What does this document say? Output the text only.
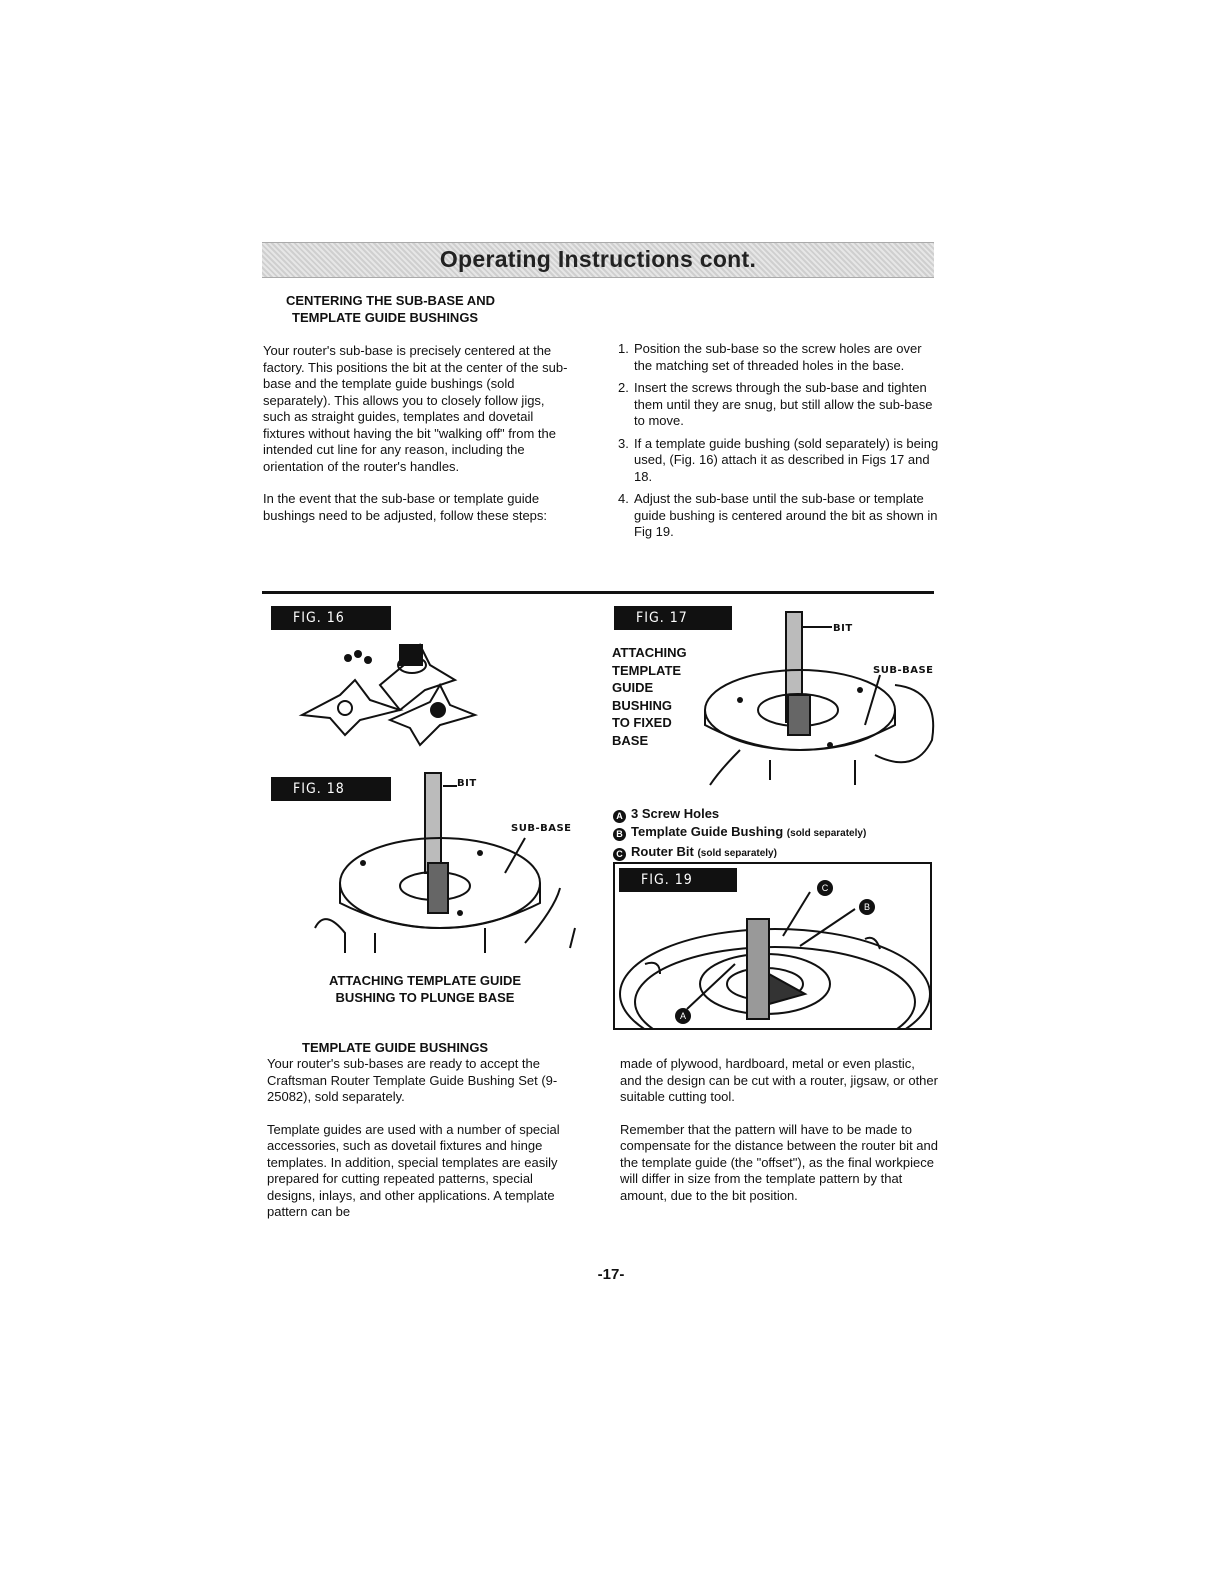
Operating Instructions cont.
CENTERING THE SUB-BASE AND
TEMPLATE GUIDE BUSHINGS

Your router's sub-base is precisely centered at the factory. This positions the bit at the center of the sub-base and the template guide bushings (sold separately). This allows you to closely follow jigs, such as straight guides, templates and dovetail fixtures without having the bit "walking off" from the intended cut line for any reason, including the orientation of the router's handles.

In the event that the sub-base or template guide bushings need to be adjusted, follow these steps:

1. Position the sub-base so the screw holes are over the matching set of threaded holes in the base.
2. Insert the screws through the sub-base and tighten them until they are snug, but still allow the sub-base to move.
3. If a template guide bushing (sold separately) is being used, (Fig. 16) attach it as described in Figs 17 and 18.
4. Adjust the sub-base until the sub-base or template guide bushing is centered around the bit as shown in Fig 19.
FIG. 16
FIG. 18	BIT
SUB-BASE
ATTACHING TEMPLATE GUIDE
BUSHING TO PLUNGE BASE
FIG. 17
ATTACHING
TEMPLATE
GUIDE
BUSHING
TO FIXED
BASE
BIT
SUB-BASE
A 3 Screw Holes
B Template Guide Bushing (sold separately)
C Router Bit (sold separately)
FIG. 19	C
B
A
TEMPLATE GUIDE BUSHINGS

Your router's sub-bases are ready to accept the Craftsman Router Template Guide Bushing Set (9-25082), sold separately.

Template guides are used with a number of special accessories, such as dovetail fixtures and hinge templates. In addition, special templates are easily prepared for cutting repeated patterns, special designs, inlays, and other applications. A template pattern can be

made of plywood, hardboard, metal or even plastic, and the design can be cut with a router, jigsaw, or other suitable cutting tool.

Remember that the pattern will have to be made to compensate for the distance between the router bit and the template guide (the "offset"), as the final workpiece will differ in size from the template pattern by that amount, due to the bit position.

-17-
